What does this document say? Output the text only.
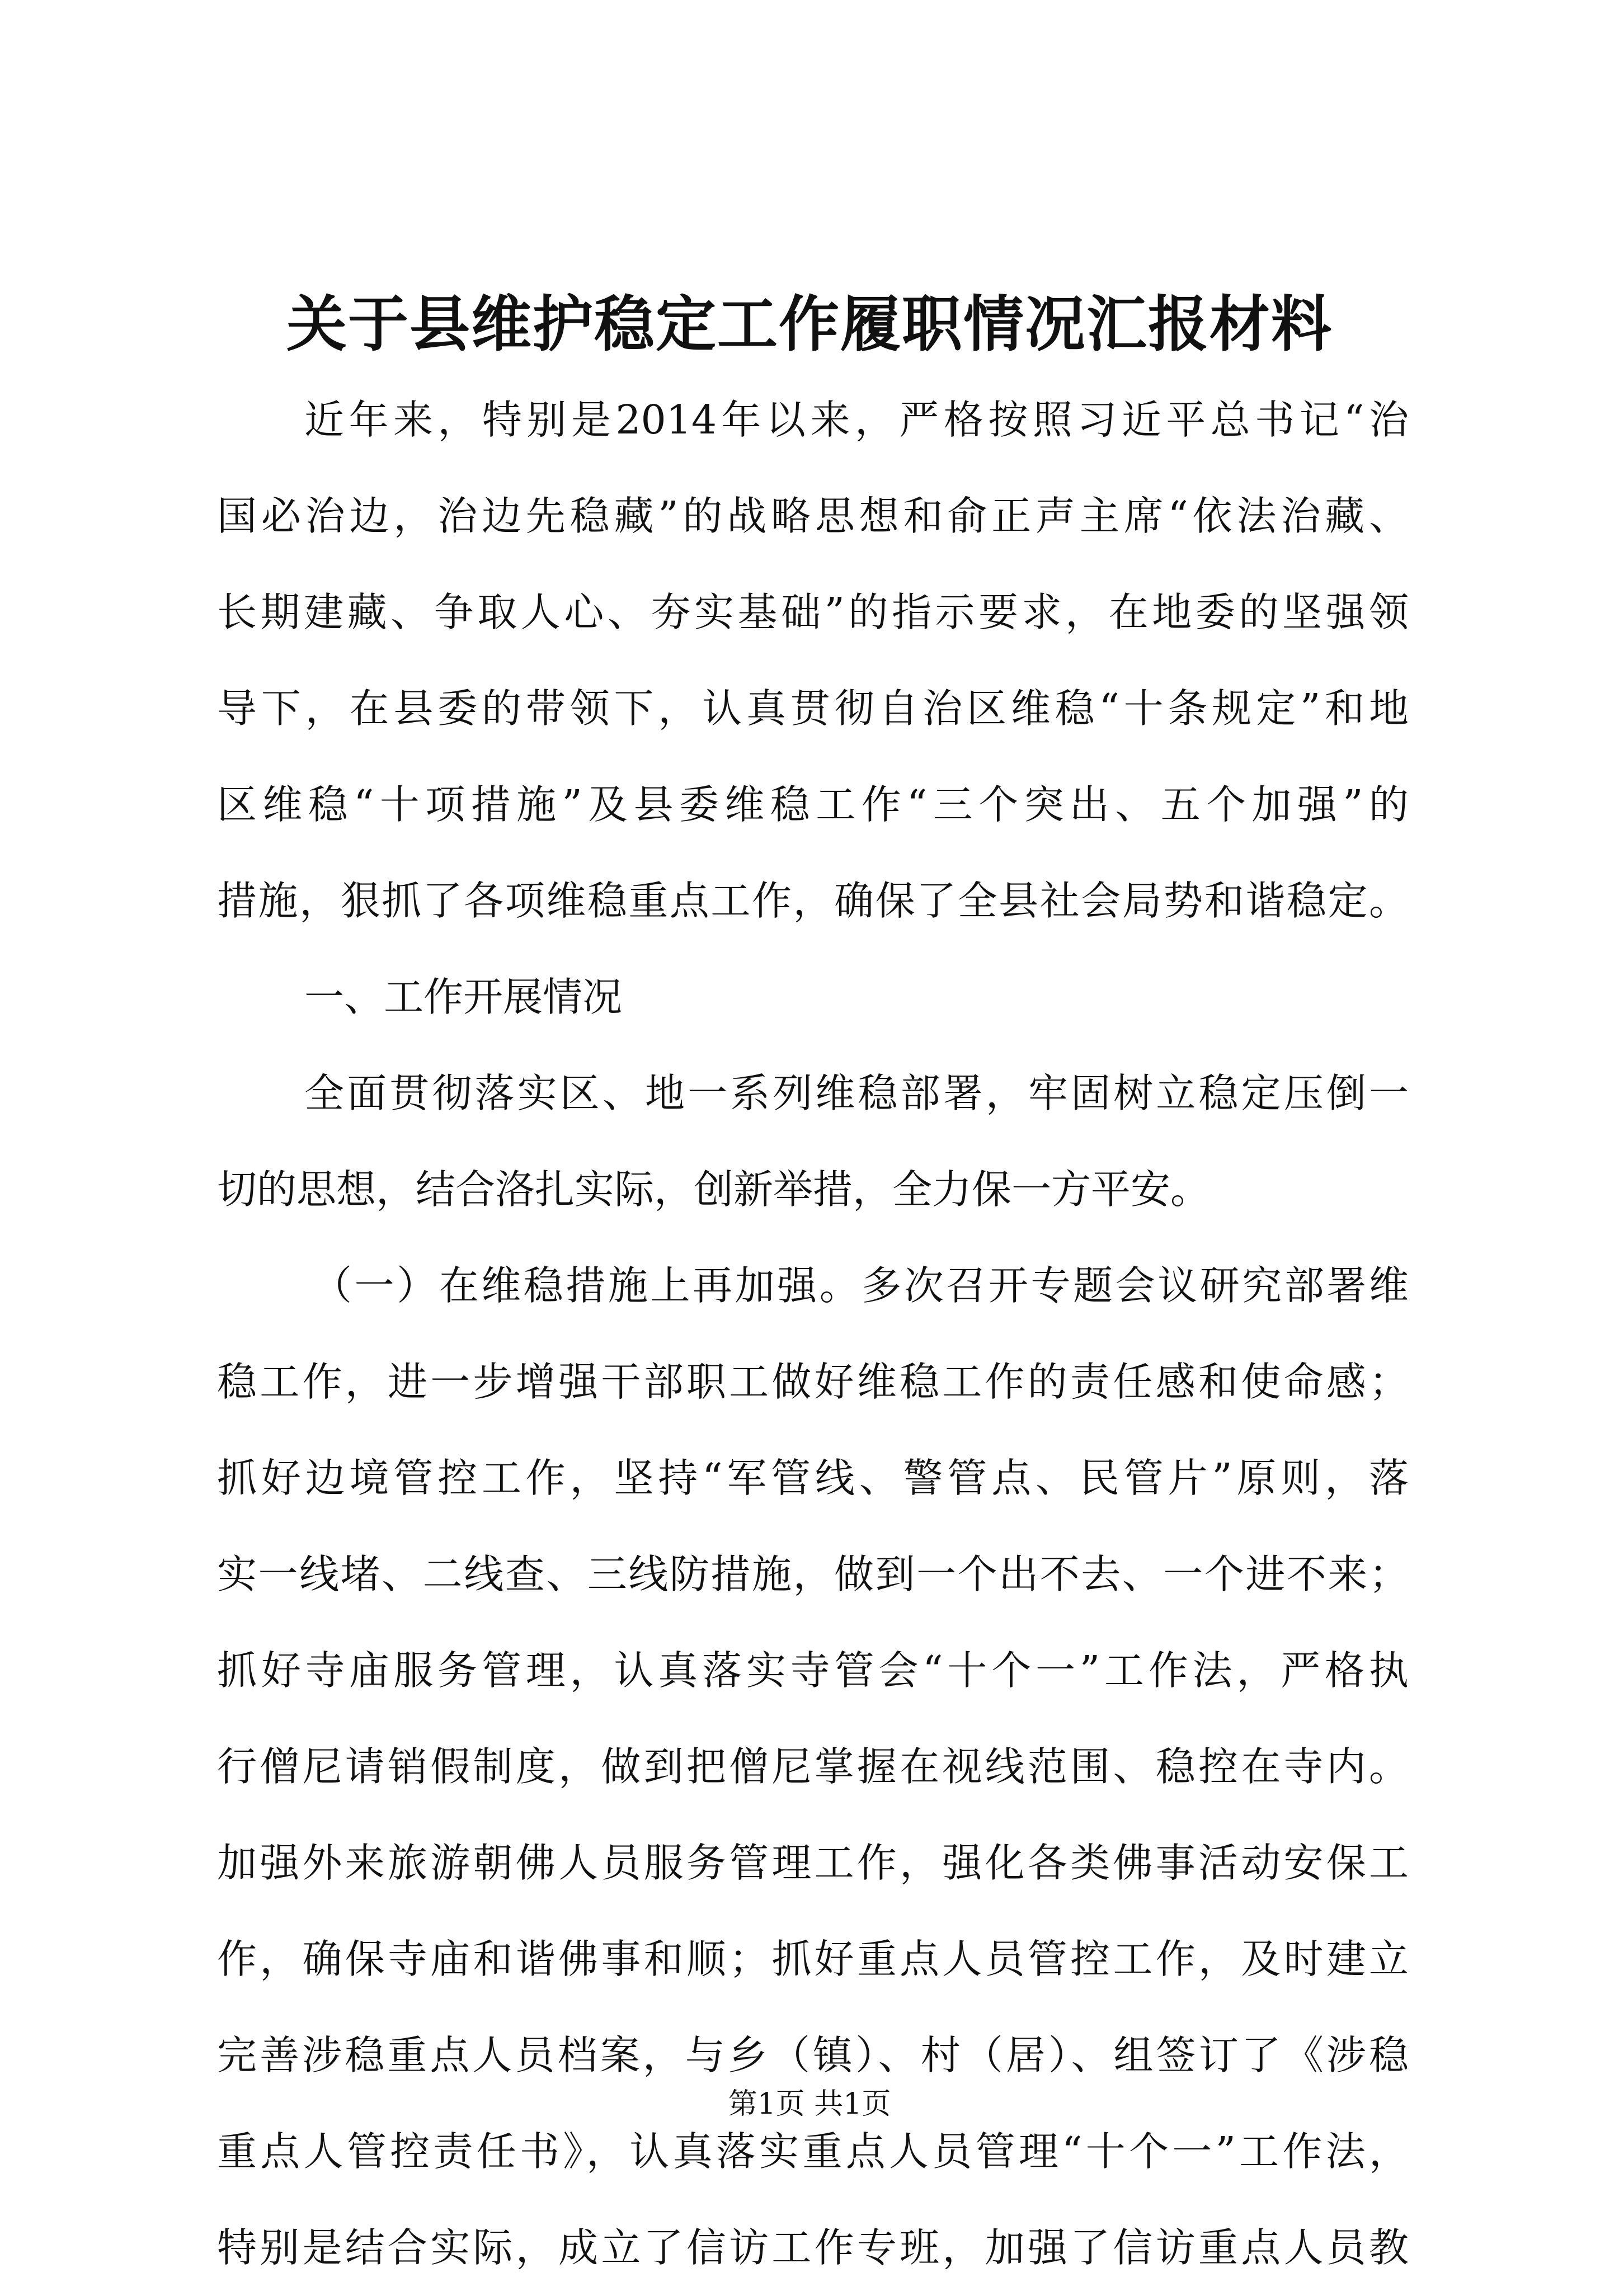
关于县维护稳定工作履职情况汇报材料
近年来，特别是2014年以来，严格按照习近平总书记“治
国必治边，治边先稳藏”的战略思想和俞正声主席“依法治藏、
长期建藏、争取人心、夯实基础”的指示要求，在地委的坚强领
导下，在县委的带领下，认真贯彻自治区维稳“十条规定”和地
区维稳“十项措施”及县委维稳工作“三个突出、五个加强”的
措施，狠抓了各项维稳重点工作，确保了全县社会局势和谐稳定。
一、工作开展情况
全面贯彻落实区、地一系列维稳部署，牢固树立稳定压倒一
切的思想，结合洛扎实际，创新举措，全力保一方平安。
（一）在维稳措施上再加强。多次召开专题会议研究部署维
稳工作，进一步增强干部职工做好维稳工作的责任感和使命感；
抓好边境管控工作，坚持“军管线、警管点、民管片”原则，落
实一线堵、二线查、三线防措施，做到一个出不去、一个进不来；
抓好寺庙服务管理，认真落实寺管会“十个一”工作法，严格执
行僧尼请销假制度，做到把僧尼掌握在视线范围、稳控在寺内。
加强外来旅游朝佛人员服务管理工作，强化各类佛事活动安保工
作，确保寺庙和谐佛事和顺；抓好重点人员管控工作，及时建立
完善涉稳重点人员档案，与乡（镇）、村（居）、组签订了《涉稳
重点人管控责任书》，认真落实重点人员管理“十个一”工作法，
特别是结合实际，成立了信访工作专班，加强了信访重点人员教
第1页 共1页
